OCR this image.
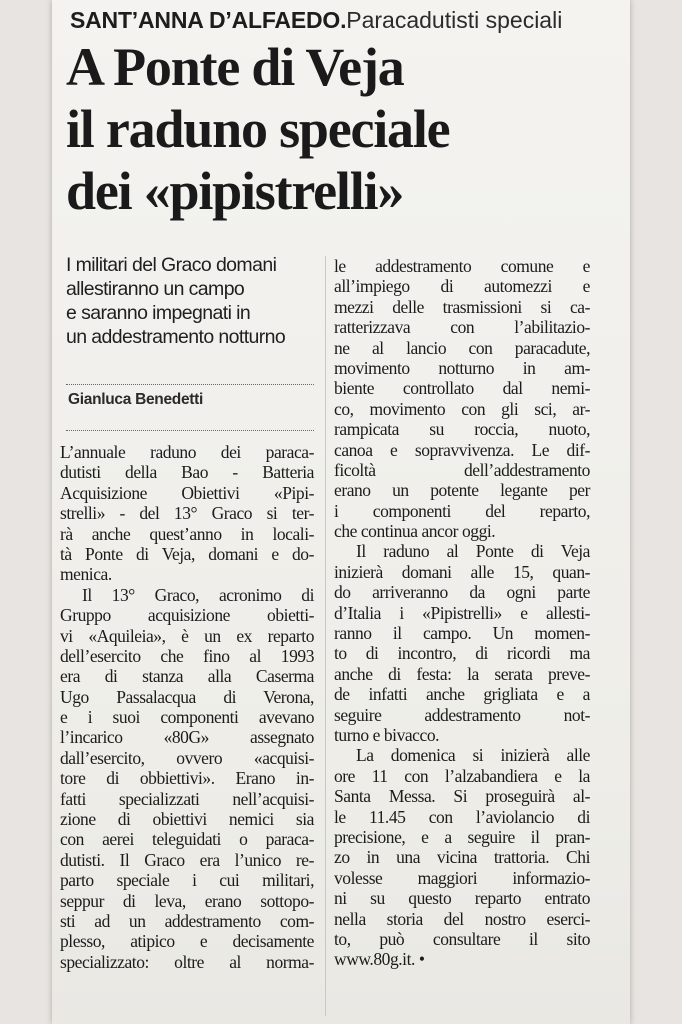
SANT’ANNA D’ALFAEDO.Paracadutisti speciali
A Ponte di Veja
il raduno speciale
dei «pipistrelli»
I militari del Graco domani
allestiranno un campo
e saranno impegnati in
un addestramento notturno
Gianluca Benedetti
L’annuale raduno dei paraca-
dutisti della Bao - Batteria
Acquisizione Obiettivi «Pipi-
strelli» - del 13° Graco si ter-
rà anche quest’anno in locali-
tà Ponte di Veja, domani e do-
menica.
Il 13° Graco, acronimo di
Gruppo acquisizione obietti-
vi «Aquileia», è un ex reparto
dell’esercito che fino al 1993
era di stanza alla Caserma
Ugo Passalacqua di Verona,
e i suoi componenti avevano
l’incarico «80G» assegnato
dall’esercito, ovvero «acquisi-
tore di obbiettivi». Erano in-
fatti specializzati nell’acquisi-
zione di obiettivi nemici sia
con aerei teleguidati o paraca-
dutisti. Il Graco era l’unico re-
parto speciale i cui militari,
seppur di leva, erano sottopo-
sti ad un addestramento com-
plesso, atipico e decisamente
specializzato: oltre al norma-
le addestramento comune e
all’impiego di automezzi e
mezzi delle trasmissioni si ca-
ratterizzava con l’abilitazio-
ne al lancio con paracadute,
movimento notturno in am-
biente controllato dal nemi-
co, movimento con gli sci, ar-
rampicata su roccia, nuoto,
canoa e sopravvivenza. Le dif-
ficoltà dell’addestramento
erano un potente legante per
i componenti del reparto,
che continua ancor oggi.
Il raduno al Ponte di Veja
inizierà domani alle 15, quan-
do arriveranno da ogni parte
d’Italia i «Pipistrelli» e allesti-
ranno il campo. Un momen-
to di incontro, di ricordi ma
anche di festa: la serata preve-
de infatti anche grigliata e a
seguire addestramento not-
turno e bivacco.
La domenica si inizierà alle
ore 11 con l’alzabandiera e la
Santa Messa. Si proseguirà al-
le 11.45 con l’aviolancio di
precisione, e a seguire il pran-
zo in una vicina trattoria. Chi
volesse maggiori informazio-
ni su questo reparto entrato
nella storia del nostro eserci-
to, può consultare il sito
www.80g.it. •
